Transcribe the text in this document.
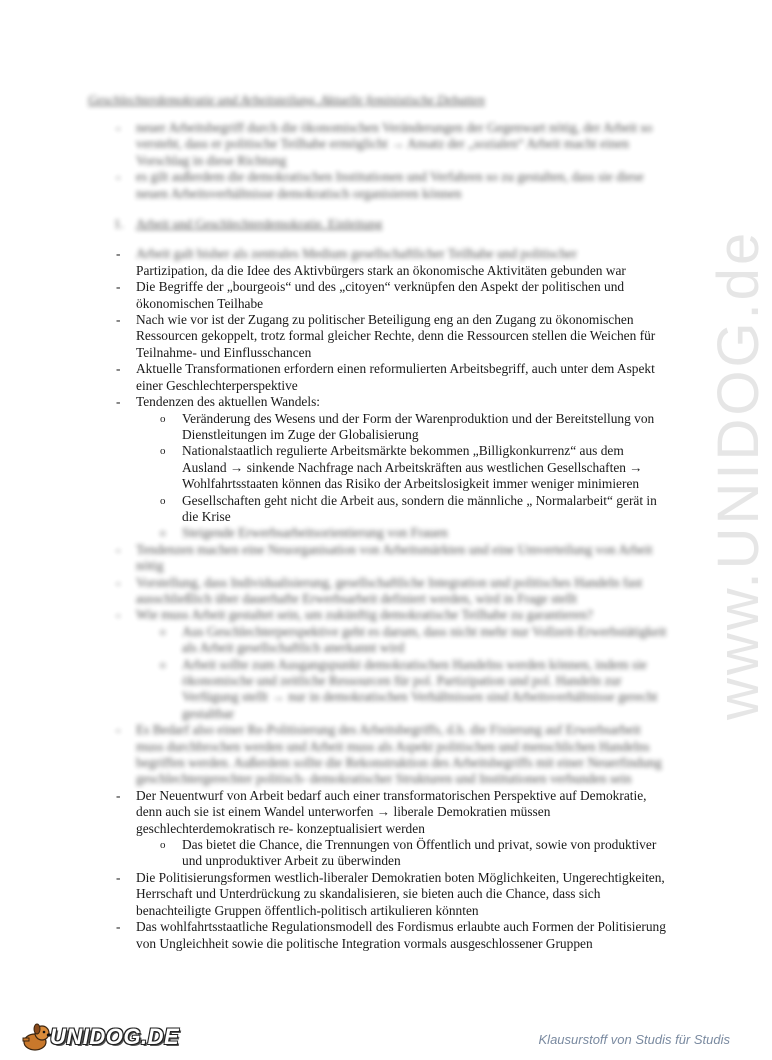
www.UNIDOG.de
Geschlechterdemokratie und Arbeitsteilung. Aktuelle feministische Debatten
- neuer Arbeitsbegriff durch die ökonomischen Veränderungen der Gegenwart nötig, der Arbeit so versteht, dass er politische Teilhabe ermöglicht → Ansatz der „sozialen“ Arbeit macht einen Vorschlag in diese Richtung
- es gilt außerdem die demokratischen Institutionen und Verfahren so zu gestalten, dass sie diese neuen Arbeitsverhältnisse demokratisch organisieren können
1. Arbeit und Geschlechterdemokratie. Einleitung
- Arbeit galt bisher als zentrales Medium gesellschaftlicher Teilhabe und politischer
Partizipation, da die Idee des Aktivbürgers stark an ökonomische Aktivitäten gebunden war
- Die Begriffe der „bourgeois“ und des „citoyen“ verknüpfen den Aspekt der politischen und ökonomischen Teilhabe
- Nach wie vor ist der Zugang zu politischer Beteiligung eng an den Zugang zu ökonomischen Ressourcen gekoppelt, trotz formal gleicher Rechte, denn die Ressourcen stellen die Weichen für Teilnahme- und Einflusschancen
- Aktuelle Transformationen erfordern einen reformulierten Arbeitsbegriff, auch unter dem Aspekt einer Geschlechterperspektive
- Tendenzen des aktuellen Wandels:
o Veränderung des Wesens und der Form der Warenproduktion und der Bereitstellung von Dienstleitungen im Zuge der Globalisierung
o Nationalstaatlich regulierte Arbeitsmärkte bekommen „Billigkonkurrenz“ aus dem Ausland → sinkende Nachfrage nach Arbeitskräften aus westlichen Gesellschaften → Wohlfahrtsstaaten können das Risiko der Arbeitslosigkeit immer weniger minimieren
o Gesellschaften geht nicht die Arbeit aus, sondern die männliche „ Normalarbeit“ gerät in die Krise
o Steigende Erwerbsarbeitsorientierung von Frauen
- Tendenzen machen eine Neuorganisation von Arbeitsmärkten und eine Umverteilung von Arbeit nötig
- Vorstellung, dass Individualisierung, gesellschaftliche Integration und politisches Handeln fast ausschließlich über dauerhafte Erwerbsarbeit definiert werden, wird in Frage stellt
- Wie muss Arbeit gestaltet sein, um zukünftig demokratische Teilhabe zu garantieren?
o Aus Geschlechterperspektive geht es darum, dass nicht mehr nur Vollzeit-Erwerbstätigkeit als Arbeit gesellschaftlich anerkannt wird
o Arbeit sollte zum Ausgangspunkt demokratischen Handelns werden können, indem sie ökonomische und zeitliche Ressourcen für pol. Partizipation und pol. Handeln zur Verfügung stellt → nur in demokratischen Verhältnissen sind Arbeitsverhältnisse gerecht gestaltbar
- Es Bedarf also einer Re-Politisierung des Arbeitsbegriffs, d.h. die Fixierung auf Erwerbsarbeit muss durchbrochen werden und Arbeit muss als Aspekt politischen und menschlichen Handelns begriffen werden. Außerdem sollte die Rekonstruktion des Arbeitsbegriffs mit einer Neuerfindung geschlechtergerechter politisch- demokratischer Strukturen und Institutionen verbunden sein
- Der Neuentwurf von Arbeit bedarf auch einer transformatorischen Perspektive auf Demokratie, denn auch sie ist einem Wandel unterworfen → liberale Demokratien müssen geschlechterdemokratisch re- konzeptualisiert werden
o Das bietet die Chance, die Trennungen von Öffentlich und privat, sowie von produktiver und unproduktiver Arbeit zu überwinden
- Die Politisierungsformen westlich-liberaler Demokratien boten Möglichkeiten, Ungerechtigkeiten, Herrschaft und Unterdrückung zu skandalisieren, sie bieten auch die Chance, dass sich benachteiligte Gruppen öffentlich-politisch artikulieren könnten
- Das wohlfahrtsstaatliche Regulationsmodell des Fordismus erlaubte auch Formen der Politisierung von Ungleichheit sowie die politische Integration vormals ausgeschlossener Gruppen
UNIDOG.DE	Klausurstoff von Studis für Studis
